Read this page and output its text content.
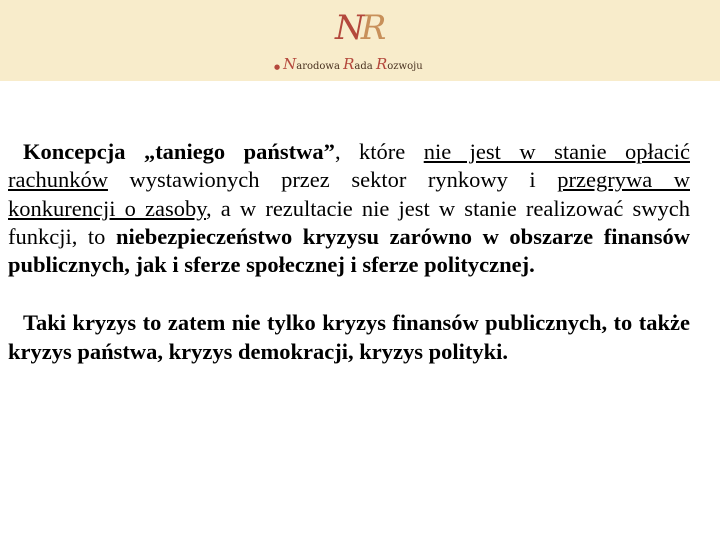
NR
● Narodowa Rada Rozwoju

Koncepcja „taniego państwa”, które nie jest w stanie opłacić rachunków wystawionych przez sektor rynkowy i przegrywa w konkurencji o zasoby, a w rezultacie nie jest w stanie realizować swych funkcji, to niebezpieczeństwo kryzysu zarówno w obszarze finansów publicznych, jak i sferze społecznej i sferze politycznej.

Taki kryzys to zatem nie tylko kryzys finansów publicznych, to także kryzys państwa, kryzys demokracji, kryzys polityki.
